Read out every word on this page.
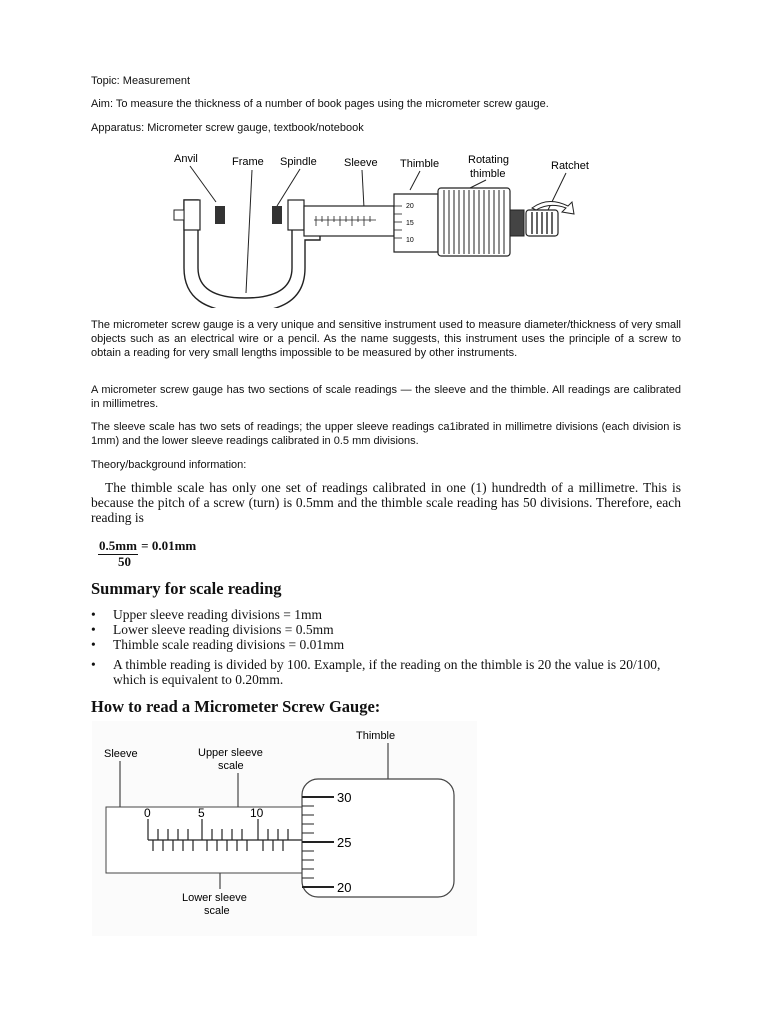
Topic: Measurement
Aim: To measure the thickness of a number of book pages using the micrometer screw gauge.
Apparatus: Micrometer screw gauge, textbook/notebook
Anvil	Frame Spindle Sleeve Thimble	Rotating
thimble
Ratchet
20
15
10
The micrometer screw gauge is a very unique and sensitive instrument used to measure diameter/thickness of very small objects such as an electrical wire or a pencil. As the name suggests, this instrument uses the principle of a screw to obtain a reading for very small lengths impossible to be measured by other instruments.
A micrometer screw gauge has two sections of scale readings — the sleeve and the thimble. All readings are calibrated in millimetres.
The sleeve scale has two sets of readings; the upper sleeve readings ca1ibrated in millimetre divisions (each division is 1mm) and the lower sleeve readings calibrated in 0.5 mm divisions.
Theory/background information:
The thimble scale has only one set of readings calibrated in one (1) hundredth of a millimetre. This is because the pitch of a screw (turn) is 0.5mm and the thimble scale reading has 50 divisions. Therefore, each reading is
0.5mm = 0.01mm
50
Summary for scale reading
• Upper sleeve reading divisions = 1mm
• Lower sleeve reading divisions = 0.5mm
• Thimble scale reading divisions = 0.01mm
• A thimble reading is divided by 100. Example, if the reading on the thimble is 20 the value is 20/100, which is equivalent to 0.20mm.
How to read a Micrometer Screw Gauge:
Sleeve	Upper sleeve
scale
Thimble
Lower sleeve
scale
0	5	10
30
25
20
